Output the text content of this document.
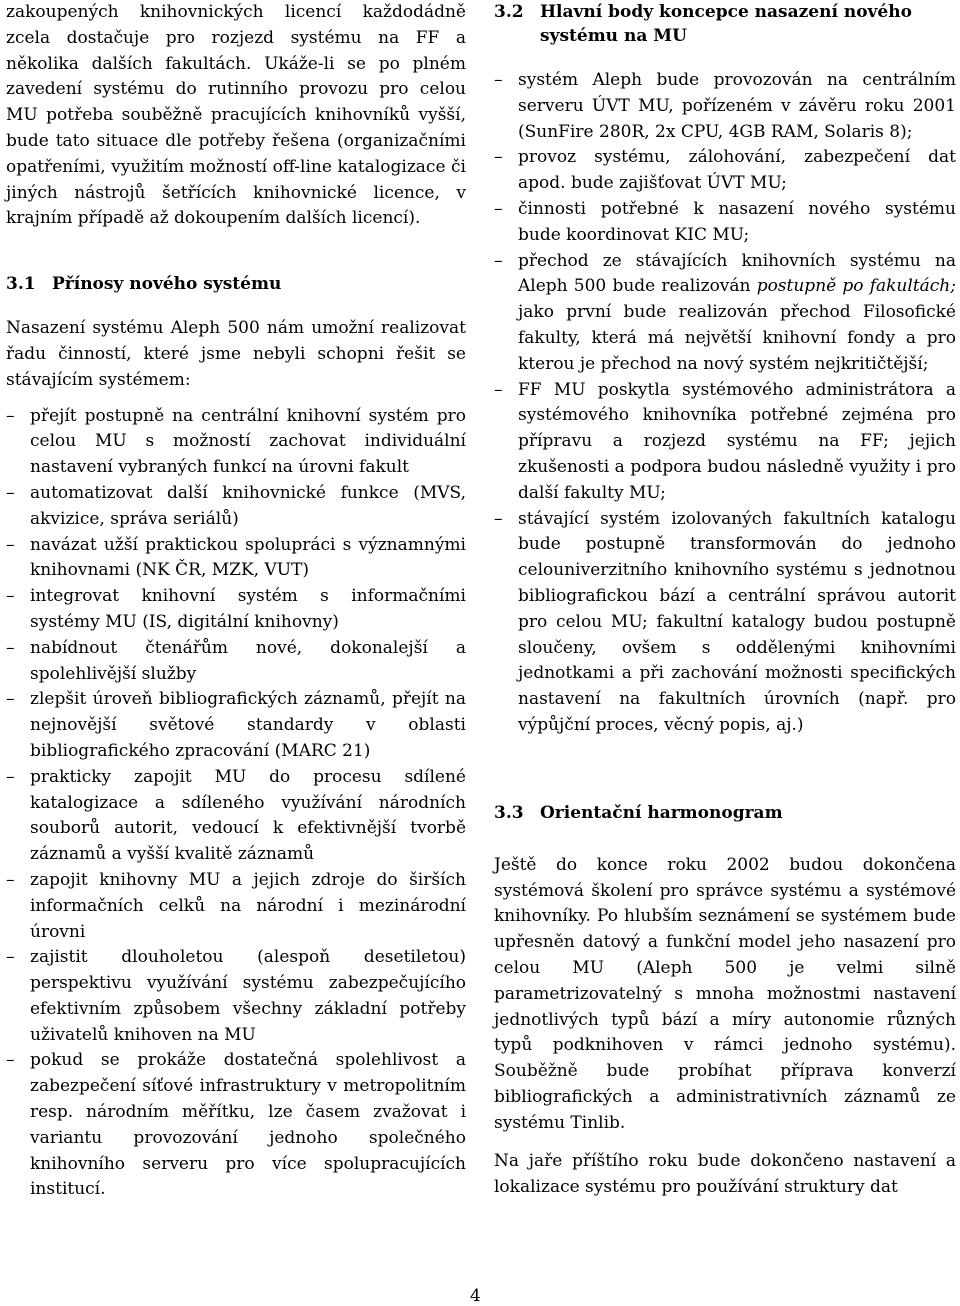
zakoupených knihovnických licencí každodádně zcela dostačuje pro rozjezd systému na FF a několika dalších fakultách. Ukáže-li se po plném zavedení systému do rutinního provozu pro celou MU potřeba souběžně pracujících knihovníků vyšší, bude tato situace dle potřeby řešena (organizačními opatřeními, využitím možností off-line katalogizace či jiných nástrojů šetřících knihovnické licence, v krajním případě až dokoupením dalších licencí).

3.1 Přínosy nového systému

Nasazení systému Aleph 500 nám umožní realizovat řadu činností, které jsme nebyli schopni řešit se stávajícím systémem:

– přejít postupně na centrální knihovní systém pro celou MU s možností zachovat individuální nastavení vybraných funkcí na úrovni fakult
– automatizovat další knihovnické funkce (MVS, akvizice, správa seriálů)
– navázat užší praktickou spolupráci s významnými knihovnami (NK ČR, MZK, VUT)
– integrovat knihovní systém s informačními systémy MU (IS, digitální knihovny)
– nabídnout čtenářům nové, dokonalejší a spolehlivější služby
– zlepšit úroveň bibliografických záznamů, přejít na nejnovější světové standardy v oblasti bibliografického zpracování (MARC 21)
– prakticky zapojit MU do procesu sdílené katalogizace a sdíleného využívání národních souborů autorit, vedoucí k efektivnější tvorbě záznamů a vyšší kvalitě záznamů
– zapojit knihovny MU a jejich zdroje do širších informačních celků na národní i mezinárodní úrovni
– zajistit dlouholetou (alespoň desetiletou) perspektivu využívání systému zabezpečujícího efektivním způsobem všechny základní potřeby uživatelů knihoven na MU
– pokud se prokáže dostatečná spolehlivost a zabezpečení síťové infrastruktury v metropolitním resp. národním měřítku, lze časem zvažovat i variantu provozování jednoho společného knihovního serveru pro více spolupracujících institucí.
3.2 Hlavní body koncepce nasazení nového systému na MU
– systém Aleph bude provozován na centrálním serveru ÚVT MU, pořízeném v závěru roku 2001 (SunFire 280R, 2x CPU, 4GB RAM, Solaris 8);
– provoz systému, zálohování, zabezpečení dat apod. bude zajišťovat ÚVT MU;
– činnosti potřebné k nasazení nového systému bude koordinovat KIC MU;
– přechod ze stávajících knihovních systému na Aleph 500 bude realizován postupně po fakultách; jako první bude realizován přechod Filosofické fakulty, která má největší knihovní fondy a pro kterou je přechod na nový systém nejkritičtější;
– FF MU poskytla systémového administrátora a systémového knihovníka potřebné zejména pro přípravu a rozjezd systému na FF; jejich zkušenosti a podpora budou následně využity i pro další fakulty MU;
– stávající systém izolovaných fakultních katalogu bude postupně transformován do jednoho celouniverzitního knihovního systému s jednotnou bibliografickou bází a centrální správou autorit pro celou MU; fakultní katalogy budou postupně sloučeny, ovšem s oddělenými knihovními jednotkami a při zachování možnosti specifických nastavení na fakultních úrovních (např. pro výpůjční proces, věcný popis, aj.)
3.3 Orientační harmonogram

Ještě do konce roku 2002 budou dokončena systémová školení pro správce systému a systémové knihovníky. Po hlubším seznámení se systémem bude upřesněn datový a funkční model jeho nasazení pro celou MU (Aleph 500 je velmi silně parametrizovatelný s mnoha možnostmi nastavení jednotlivých typů bází a míry autonomie různých typů podknihoven v rámci jednoho systému). Souběžně bude probíhat příprava konverzí bibliografických a administrativních záznamů ze systému Tinlib.

Na jaře příštího roku bude dokončeno nastavení a lokalizace systému pro používání struktury dat

4
